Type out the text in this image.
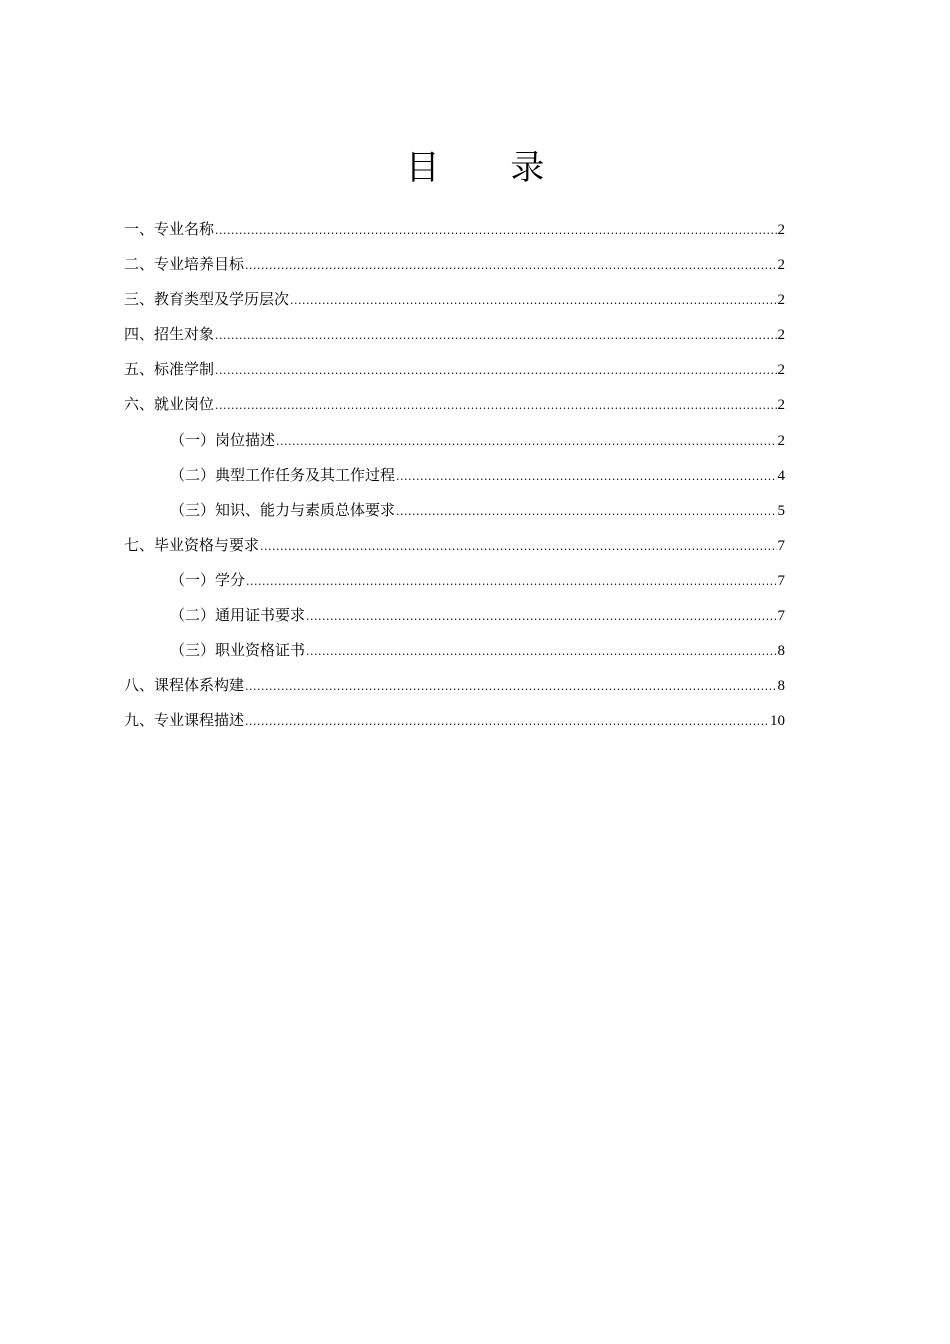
目 录
一、专业名称 .....	2
二、专业培养目标 .....	2
三、教育类型及学历层次 .....	2
四、招生对象 .....	2
五、标准学制 .....	2
六、就业岗位 .....	2
（一）岗位描述 .....	2
（二）典型工作任务及其工作过程 .....	4
（三）知识、能力与素质总体要求 .....	5
七、毕业资格与要求 .....	7
（一）学分 .....	7
（二）通用证书要求 .....	7
（三）职业资格证书 .....	8
八、课程体系构建 .....	8
九、专业课程描述 .....	10
